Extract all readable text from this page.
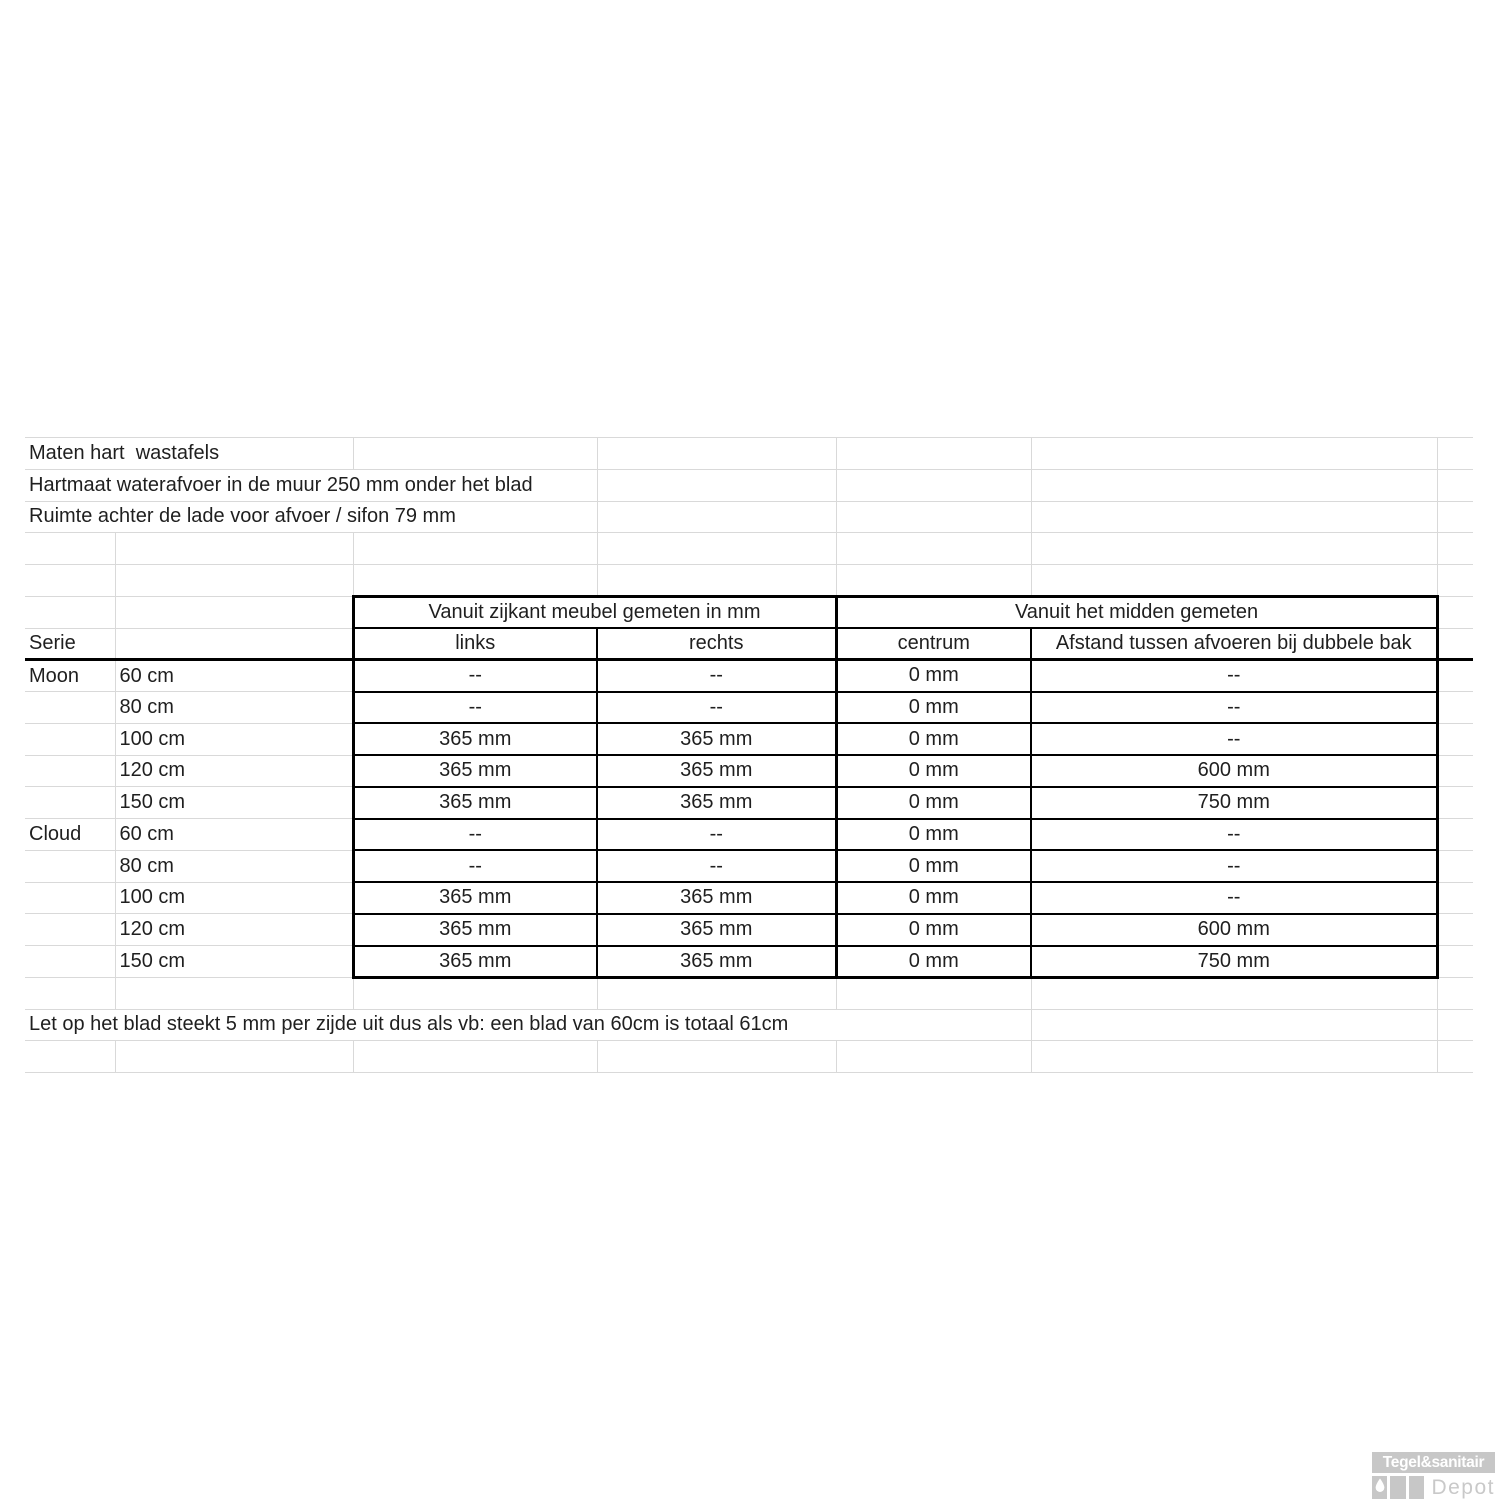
Maten hart  wastafels						
Hartmaat waterafvoer in de muur 250 mm onder het blad						
Ruimte achter de lade voor afvoer / sifon 79 mm						

		Vanuit zijkant meubel gemeten in mm		Vanuit het midden gemeten		
Serie		links	rechts	centrum	Afstand tussen afvoeren bij dubbele bak	
Moon	60 cm	--	--	0 mm	--	
	80 cm	--	--	0 mm	--	
	100 cm	365 mm	365 mm	0 mm	--	
	120 cm	365 mm	365 mm	0 mm	600 mm	
	150 cm	365 mm	365 mm	0 mm	750 mm	
Cloud	60 cm	--	--	0 mm	--	
	80 cm	--	--	0 mm	--	
	100 cm	365 mm	365 mm	0 mm	--	
	120 cm	365 mm	365 mm	0 mm	600 mm	
	150 cm	365 mm	365 mm	0 mm	750 mm	

Let op het blad steekt 5 mm per zijde uit dus als vb: een blad van 60cm is totaal 61cm						

Tegel&sanitair
Depot
